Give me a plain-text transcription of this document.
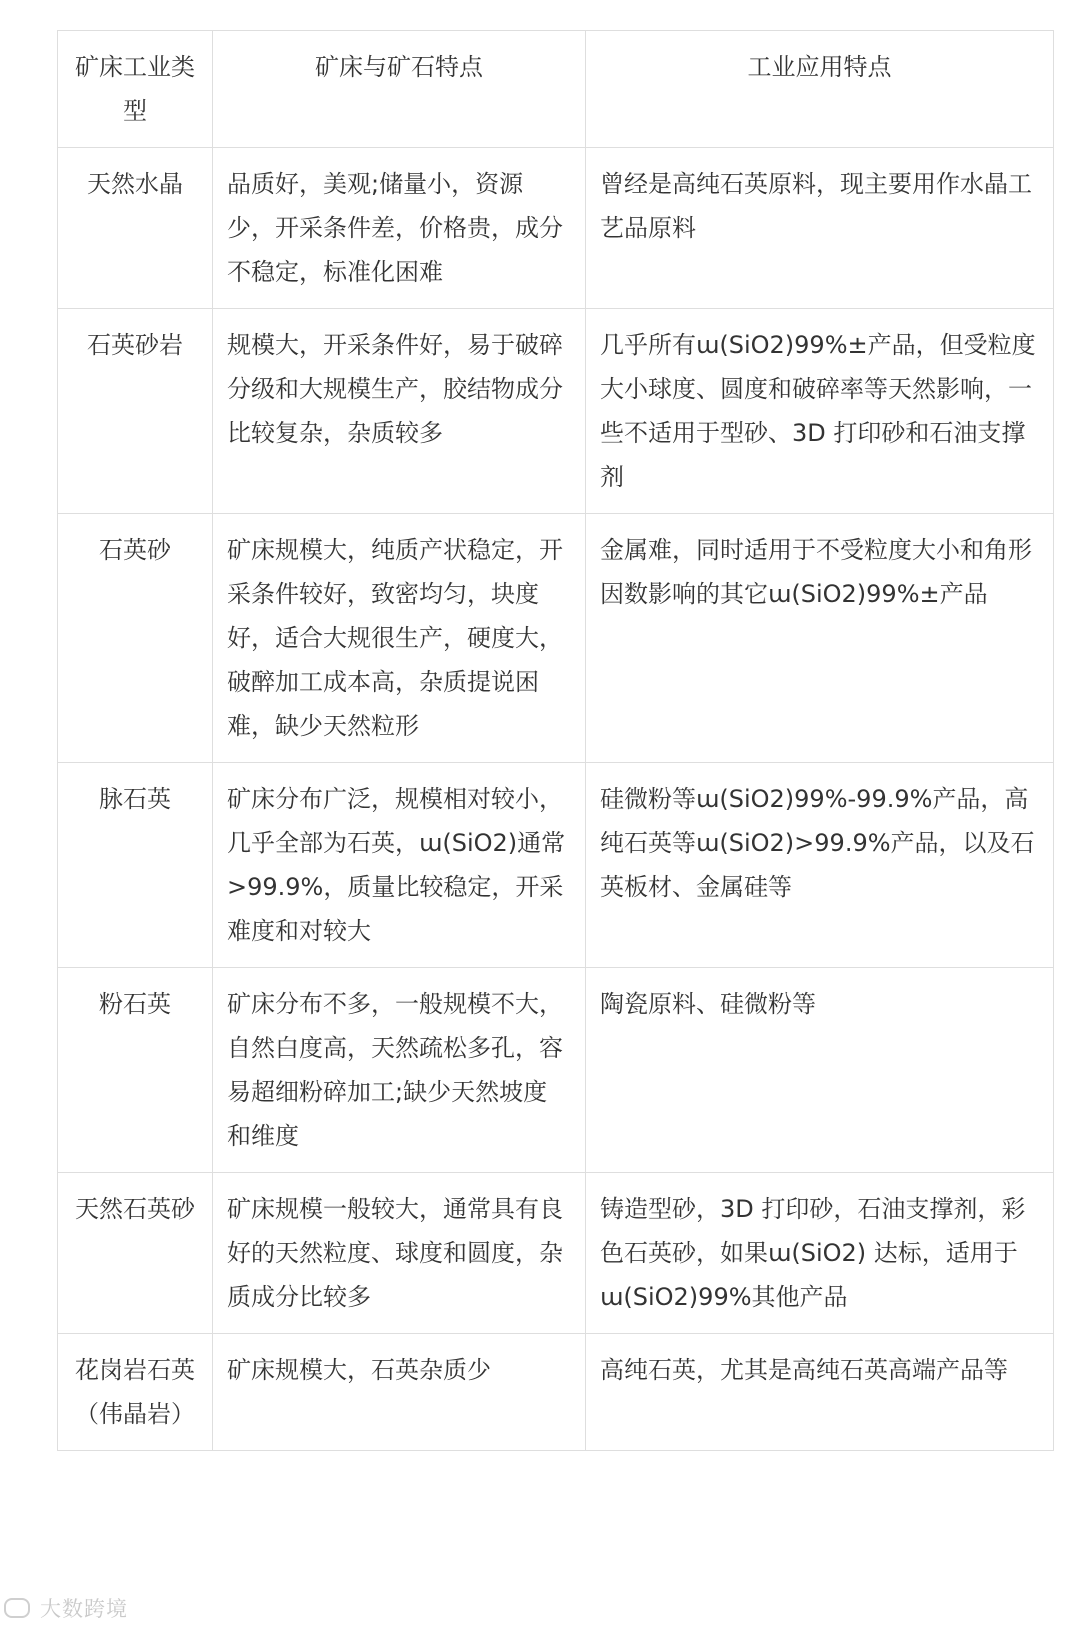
矿床工业类型	矿床与矿石特点	工业应用特点
天然水晶	品质好，美观;储量小，资源少，开采条件差，价格贵，成分不稳定，标准化困难	曾经是高纯石英原料，现主要用作水晶工艺品原料
石英砂岩	规模大，开采条件好，易于破碎分级和大规模生产，胶结物成分比较复杂，杂质较多	几乎所有ɯ(SiO2)99%±产品，但受粒度大小球度、圆度和破碎率等天然影响，一些不适用于型砂、3D 打印砂和石油支撑剂
石英砂	矿床规模大，纯质产状稳定，开采条件较好，致密均匀，块度好，适合大规很生产，硬度大，破醉加工成本高，杂质提说困难，缺少天然粒形	金属难，同时适用于不受粒度大小和角形因数影响的其它ɯ(SiO2)99%±产品
脉石英	矿床分布广泛，规模相对较小，几乎全部为石英，ɯ(SiO2)通常>99.9%，质量比较稳定，开采难度和对较大	硅微粉等ɯ(SiO2)99%-99.9%产品，高纯石英等ɯ(SiO2)>99.9%产品，以及石英板材、金属硅等
粉石英	矿床分布不多，一般规模不大，自然白度高，天然疏松多孔，容易超细粉碎加工;缺少天然坡度和维度	陶瓷原料、硅微粉等
天然石英砂	矿床规模一般较大，通常具有良好的天然粒度、球度和圆度，杂质成分比较多	铸造型砂，3D 打印砂，石油支撑剂，彩色石英砂，如果ɯ(SiO2) 达标，适用于ɯ(SiO2)99%其他产品
花岗岩石英（伟晶岩）	矿床规模大，石英杂质少	高纯石英，尤其是高纯石英高端产品等
大数跨境
